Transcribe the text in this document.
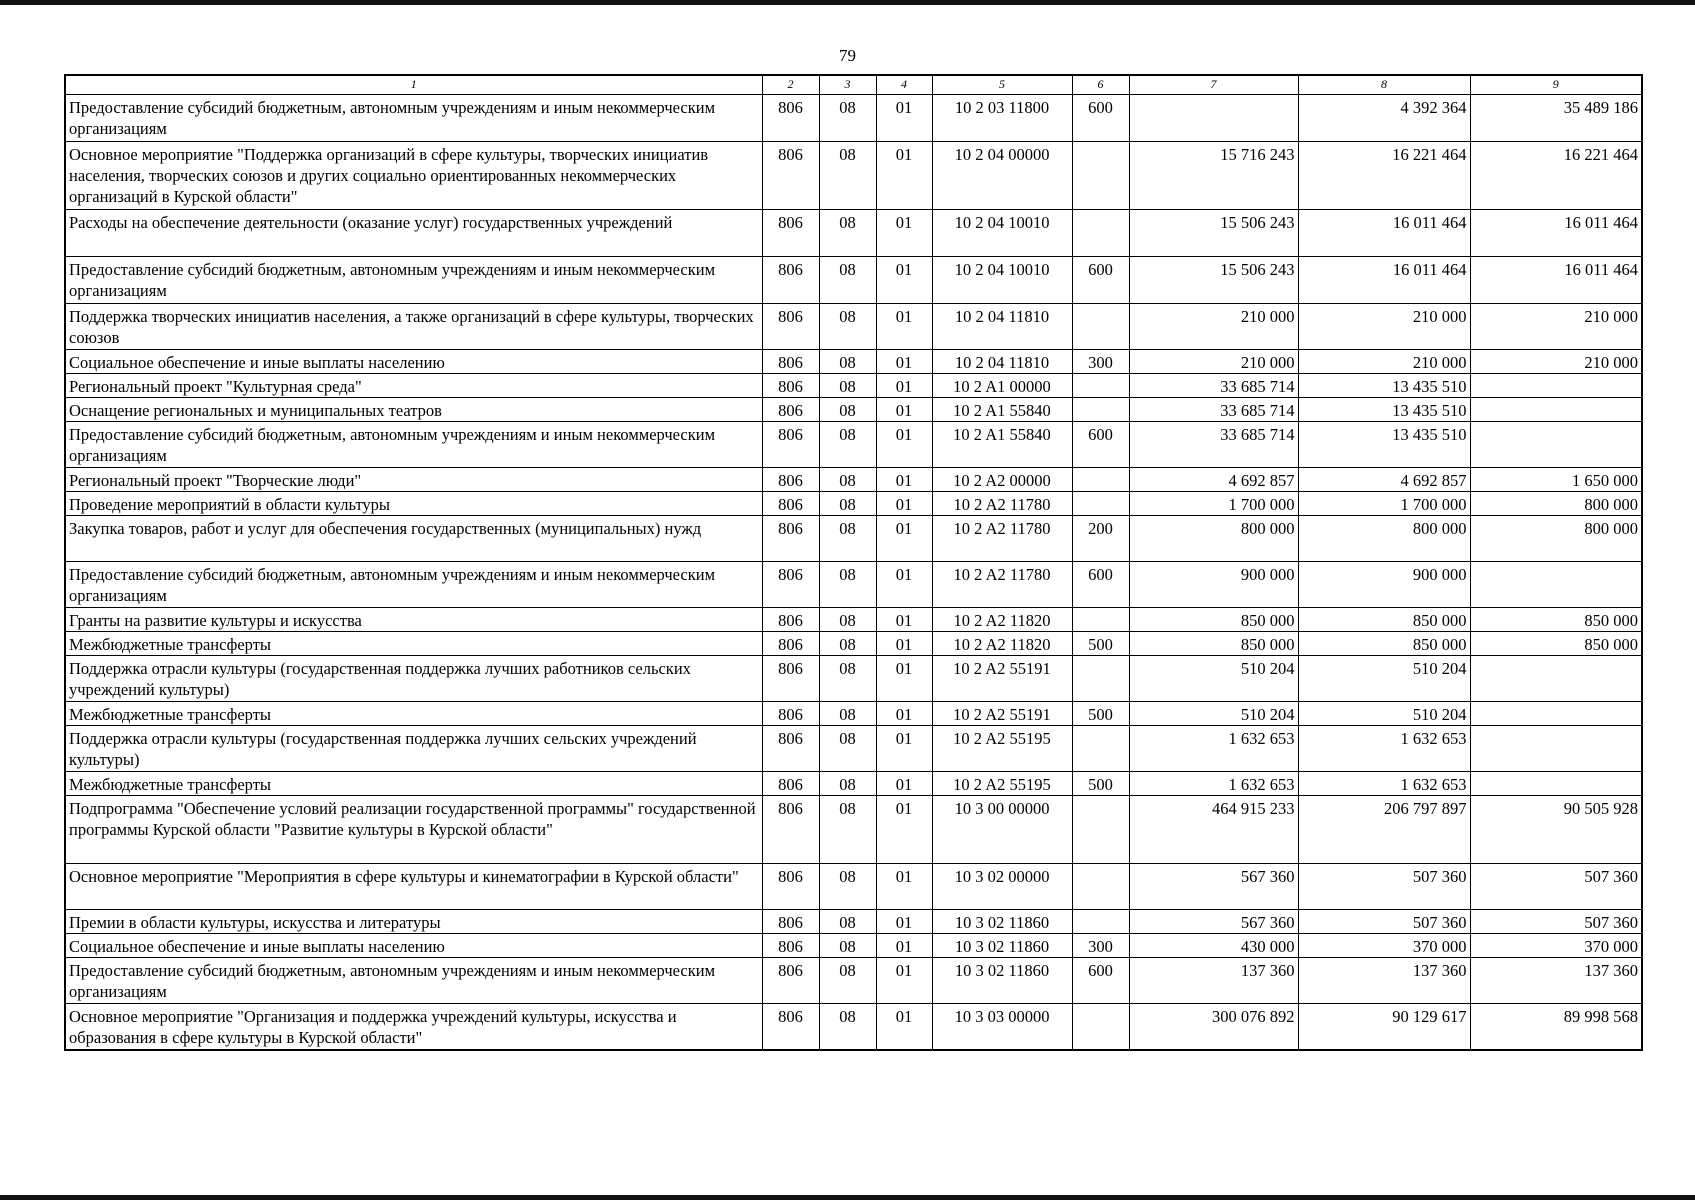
79
1	2	3	4	5	6	7	8	9
Предоставление субсидий бюджетным, автономным учреждениям и иным некоммерческим организациям	806	08	01	10 2 03 11800	600		4 392 364	35 489 186
Основное мероприятие "Поддержка организаций в сфере культуры, творческих инициатив населения, творческих союзов и других социально ориентированных некоммерческих организаций в Курской области"	806	08	01	10 2 04 00000		15 716 243	16 221 464	16 221 464
Расходы на обеспечение деятельности (оказание услуг) государственных учреждений	806	08	01	10 2 04 10010		15 506 243	16 011 464	16 011 464
Предоставление субсидий бюджетным, автономным учреждениям и иным некоммерческим организациям	806	08	01	10 2 04 10010	600	15 506 243	16 011 464	16 011 464
Поддержка творческих инициатив населения, а также организаций в сфере культуры, творческих союзов	806	08	01	10 2 04 11810		210 000	210 000	210 000
Социальное обеспечение и иные выплаты населению	806	08	01	10 2 04 11810	300	210 000	210 000	210 000
Региональный проект "Культурная среда"	806	08	01	10 2 A1 00000		33 685 714	13 435 510	
Оснащение региональных и муниципальных театров	806	08	01	10 2 A1 55840		33 685 714	13 435 510	
Предоставление субсидий бюджетным, автономным учреждениям и иным некоммерческим организациям	806	08	01	10 2 A1 55840	600	33 685 714	13 435 510	
Региональный проект "Творческие люди"	806	08	01	10 2 A2 00000		4 692 857	4 692 857	1 650 000
Проведение мероприятий в области культуры	806	08	01	10 2 A2 11780		1 700 000	1 700 000	800 000
Закупка товаров, работ и услуг для обеспечения государственных (муниципальных) нужд	806	08	01	10 2 A2 11780	200	800 000	800 000	800 000
Предоставление субсидий бюджетным, автономным учреждениям и иным некоммерческим организациям	806	08	01	10 2 A2 11780	600	900 000	900 000	
Гранты на развитие культуры и искусства	806	08	01	10 2 A2 11820		850 000	850 000	850 000
Межбюджетные трансферты	806	08	01	10 2 A2 11820	500	850 000	850 000	850 000
Поддержка отрасли культуры (государственная поддержка лучших работников сельских учреждений культуры)	806	08	01	10 2 A2 55191		510 204	510 204	
Межбюджетные трансферты	806	08	01	10 2 A2 55191	500	510 204	510 204	
Поддержка отрасли культуры (государственная поддержка лучших сельских учреждений культуры)	806	08	01	10 2 A2 55195		1 632 653	1 632 653	
Межбюджетные трансферты	806	08	01	10 2 A2 55195	500	1 632 653	1 632 653	
Подпрограмма "Обеспечение условий реализации государственной программы" государственной программы Курской области "Развитие культуры в Курской области"	806	08	01	10 3 00 00000		464 915 233	206 797 897	90 505 928
Основное мероприятие "Мероприятия в сфере культуры и кинематографии в Курской области"	806	08	01	10 3 02 00000		567 360	507 360	507 360
Премии в области культуры, искусства и литературы	806	08	01	10 3 02 11860		567 360	507 360	507 360
Социальное обеспечение и иные выплаты населению	806	08	01	10 3 02 11860	300	430 000	370 000	370 000
Предоставление субсидий бюджетным, автономным учреждениям и иным некоммерческим организациям	806	08	01	10 3 02 11860	600	137 360	137 360	137 360
Основное мероприятие "Организация и поддержка учреждений культуры, искусства и образования в сфере культуры в Курской области"	806	08	01	10 3 03 00000		300 076 892	90 129 617	89 998 568
